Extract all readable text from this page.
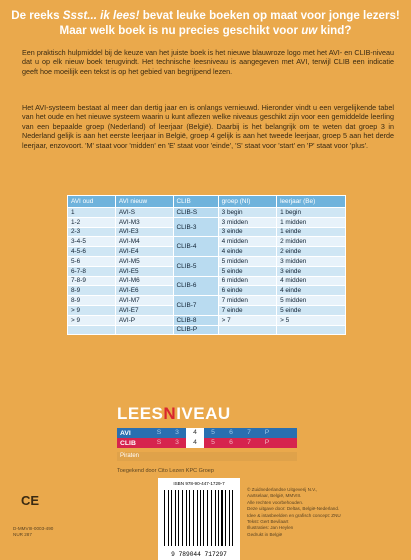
De reeks Ssst... ik lees! bevat leuke boeken op maat voor jonge lezers!
Maar welk boek is nu precies geschikt voor uw kind?
Een praktisch hulpmiddel bij de keuze van het juiste boek is het nieuwe blauwroze logo met het AVI- en CLIB-niveau dat u op elk nieuw boek terugvindt. Het technische leesniveau is aangegeven met AVI, terwijl CLIB een indicatie geeft hoe moeilijk een tekst is op het gebied van begrijpend lezen.
Het AVI-systeem bestaat al meer dan dertig jaar en is onlangs vernieuwd. Hieronder vindt u een vergelijkende tabel van het oude en het nieuwe systeem waarin u kunt aflezen welke niveaus geschikt zijn voor een gemiddelde leerling van een bepaalde groep (Nederland) of leerjaar (België). Daarbij is het belangrijk om te weten dat groep 3 in Nederland gelijk is aan het eerste leerjaar in België, groep 4 gelijk is aan het tweede leerjaar, groep 5 aan het derde leerjaar, enzovoort. 'M' staat voor 'midden' en 'E' staat voor 'einde', 'S' staat voor 'start' en 'P' staat voor 'plus'.
AVI oud	AVI nieuw	CLIB	groep (NI)	leerjaar (Be)
1	AVI-S	CLIB-S	3 begin	1 begin
1-2	AVI-M3	CLIB-3	3 midden	1 midden
2-3	AVI-E3		3 einde	1 einde
3-4-5	AVI-M4	CLIB-4	4 midden	2 midden
4-5-6	AVI-E4		4 einde	2 einde
5-6	AVI-M5	CLIB-5	5 midden	3 midden
6-7-8	AVI-E5		5 einde	3 einde
7-8-9	AVI-M6	CLIB-6	6 midden	4 midden
8-9	AVI-E6		6 einde	4 einde
8-9	AVI-M7	CLIB-7	7 midden	5 midden
> 9	AVI-E7		7 einde	5 einde
> 9	AVI-P	CLIB-8	> 7	> 5
		CLIB-P		
LEESNIVEAU
AVI	S	3	4	5	6	7	P
CLIB	S	3	4	5	6	7	P
Piraten
Toegekend door Cito Lezen KPC Groep
CE
D-MMVIII-0003-490
NUR 287
ISBN 978-90-447-1729-7
9 789044 717297
© Zuidnederlandse Uitgeverij N.V.,
Aartselaar, België, MMVIII.
Alle rechten voorbehouden.
Deze uitgave door: Deltas, België-Nederland.
Idee & intasbeelden en grafisch concept: ZNU
Tekst: Gert Bevilaart
Illustraties: Jan Heylen
Gedrukt in België
